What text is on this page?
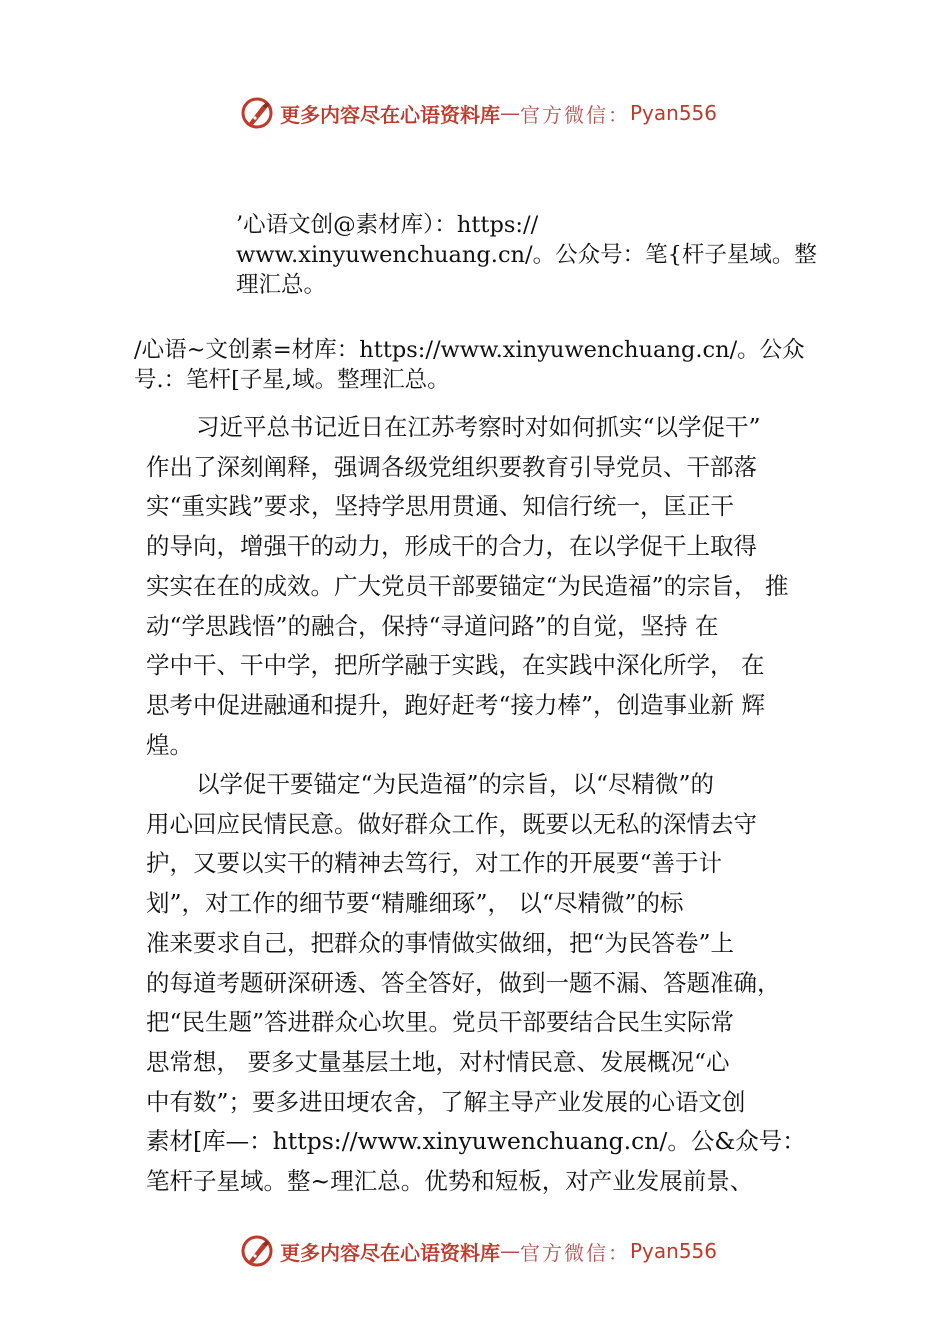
更多内容尽在心语资料库 — 官方微信： Pyan556
’心语文创@素材库）：https://
www.xinyuwenchuang.cn/。公众号：笔{杆子星域。整
理汇总。
/心语~文创素=材库：https://www.xinyuwenchuang.cn/。公众
号.：笔杆[子星,域。整理汇总。
习近平总书记近日在江苏考察时对如何抓实“以学促干”
作出了深刻阐释，强调各级党组织要教育引导党员、干部落
实“重实践”要求，坚持学思用贯通、知信行统一，匡正干
的导向，增强干的动力，形成干的合力，在以学促干上取得
实实在在的成效。广大党员干部要锚定“为民造福”的宗旨， 推
动“学思践悟”的融合，保持“寻道问路”的自觉，坚持 在
学中干、干中学，把所学融于实践，在实践中深化所学， 在
思考中促进融通和提升，跑好赶考“接力棒”，创造事业新 辉
煌。
以学促干要锚定“为民造福”的宗旨，以“尽精微”的
用心回应民情民意。做好群众工作，既要以无私的深情去守
护，又要以实干的精神去笃行，对工作的开展要“善于计
划”，对工作的细节要“精雕细琢”， 以“尽精微”的标
准来要求自己，把群众的事情做实做细，把“为民答卷”上
的每道考题研深研透、答全答好，做到一题不漏、答题准确，
把“民生题”答进群众心坎里。党员干部要结合民生实际常
思常想， 要多丈量基层土地，对村情民意、发展概况“心
中有数”；要多进田埂农舍，了解主导产业发展的心语文创
素材[库—：https://www.xinyuwenchuang.cn/。公&众号：
笔杆子星域。整~理汇总。优势和短板，对产业发展前景、
更多内容尽在心语资料库 — 官方微信： Pyan556
